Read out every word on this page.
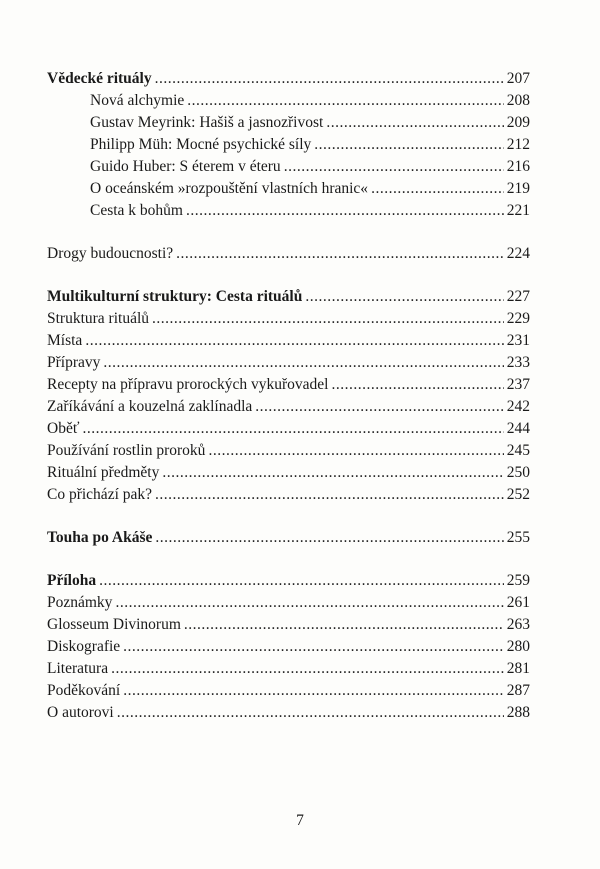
Vědecké rituály .....	207
Nová alchymie .....	208
Gustav Meyrink: Hašiš a jasnozřivost .....	209
Philipp Müh: Mocné psychické síly .....	212
Guido Huber: S éterem v éteru .....	216
O oceánském »rozpouštění vlastních hranic« .....	219
Cesta k bohům .....	221
Drogy budoucnosti? .....	224
Multikulturní struktury: Cesta rituálů .....	227
Struktura rituálů .....	229
Místa .....	231
Přípravy .....	233
Recepty na přípravu prorockých vykuřovadel .....	237
Zaříkávání a kouzelná zaklínadla .....	242
Oběť .....	244
Používání rostlin proroků .....	245
Rituální předměty .....	250
Co přichází pak? .....	252
Touha po Akáše .....	255
Příloha .....	259
Poznámky .....	261
Glosseum Divinorum .....	263
Diskografie .....	280
Literatura .....	281
Poděkování .....	287
O autorovi .....	288
7
